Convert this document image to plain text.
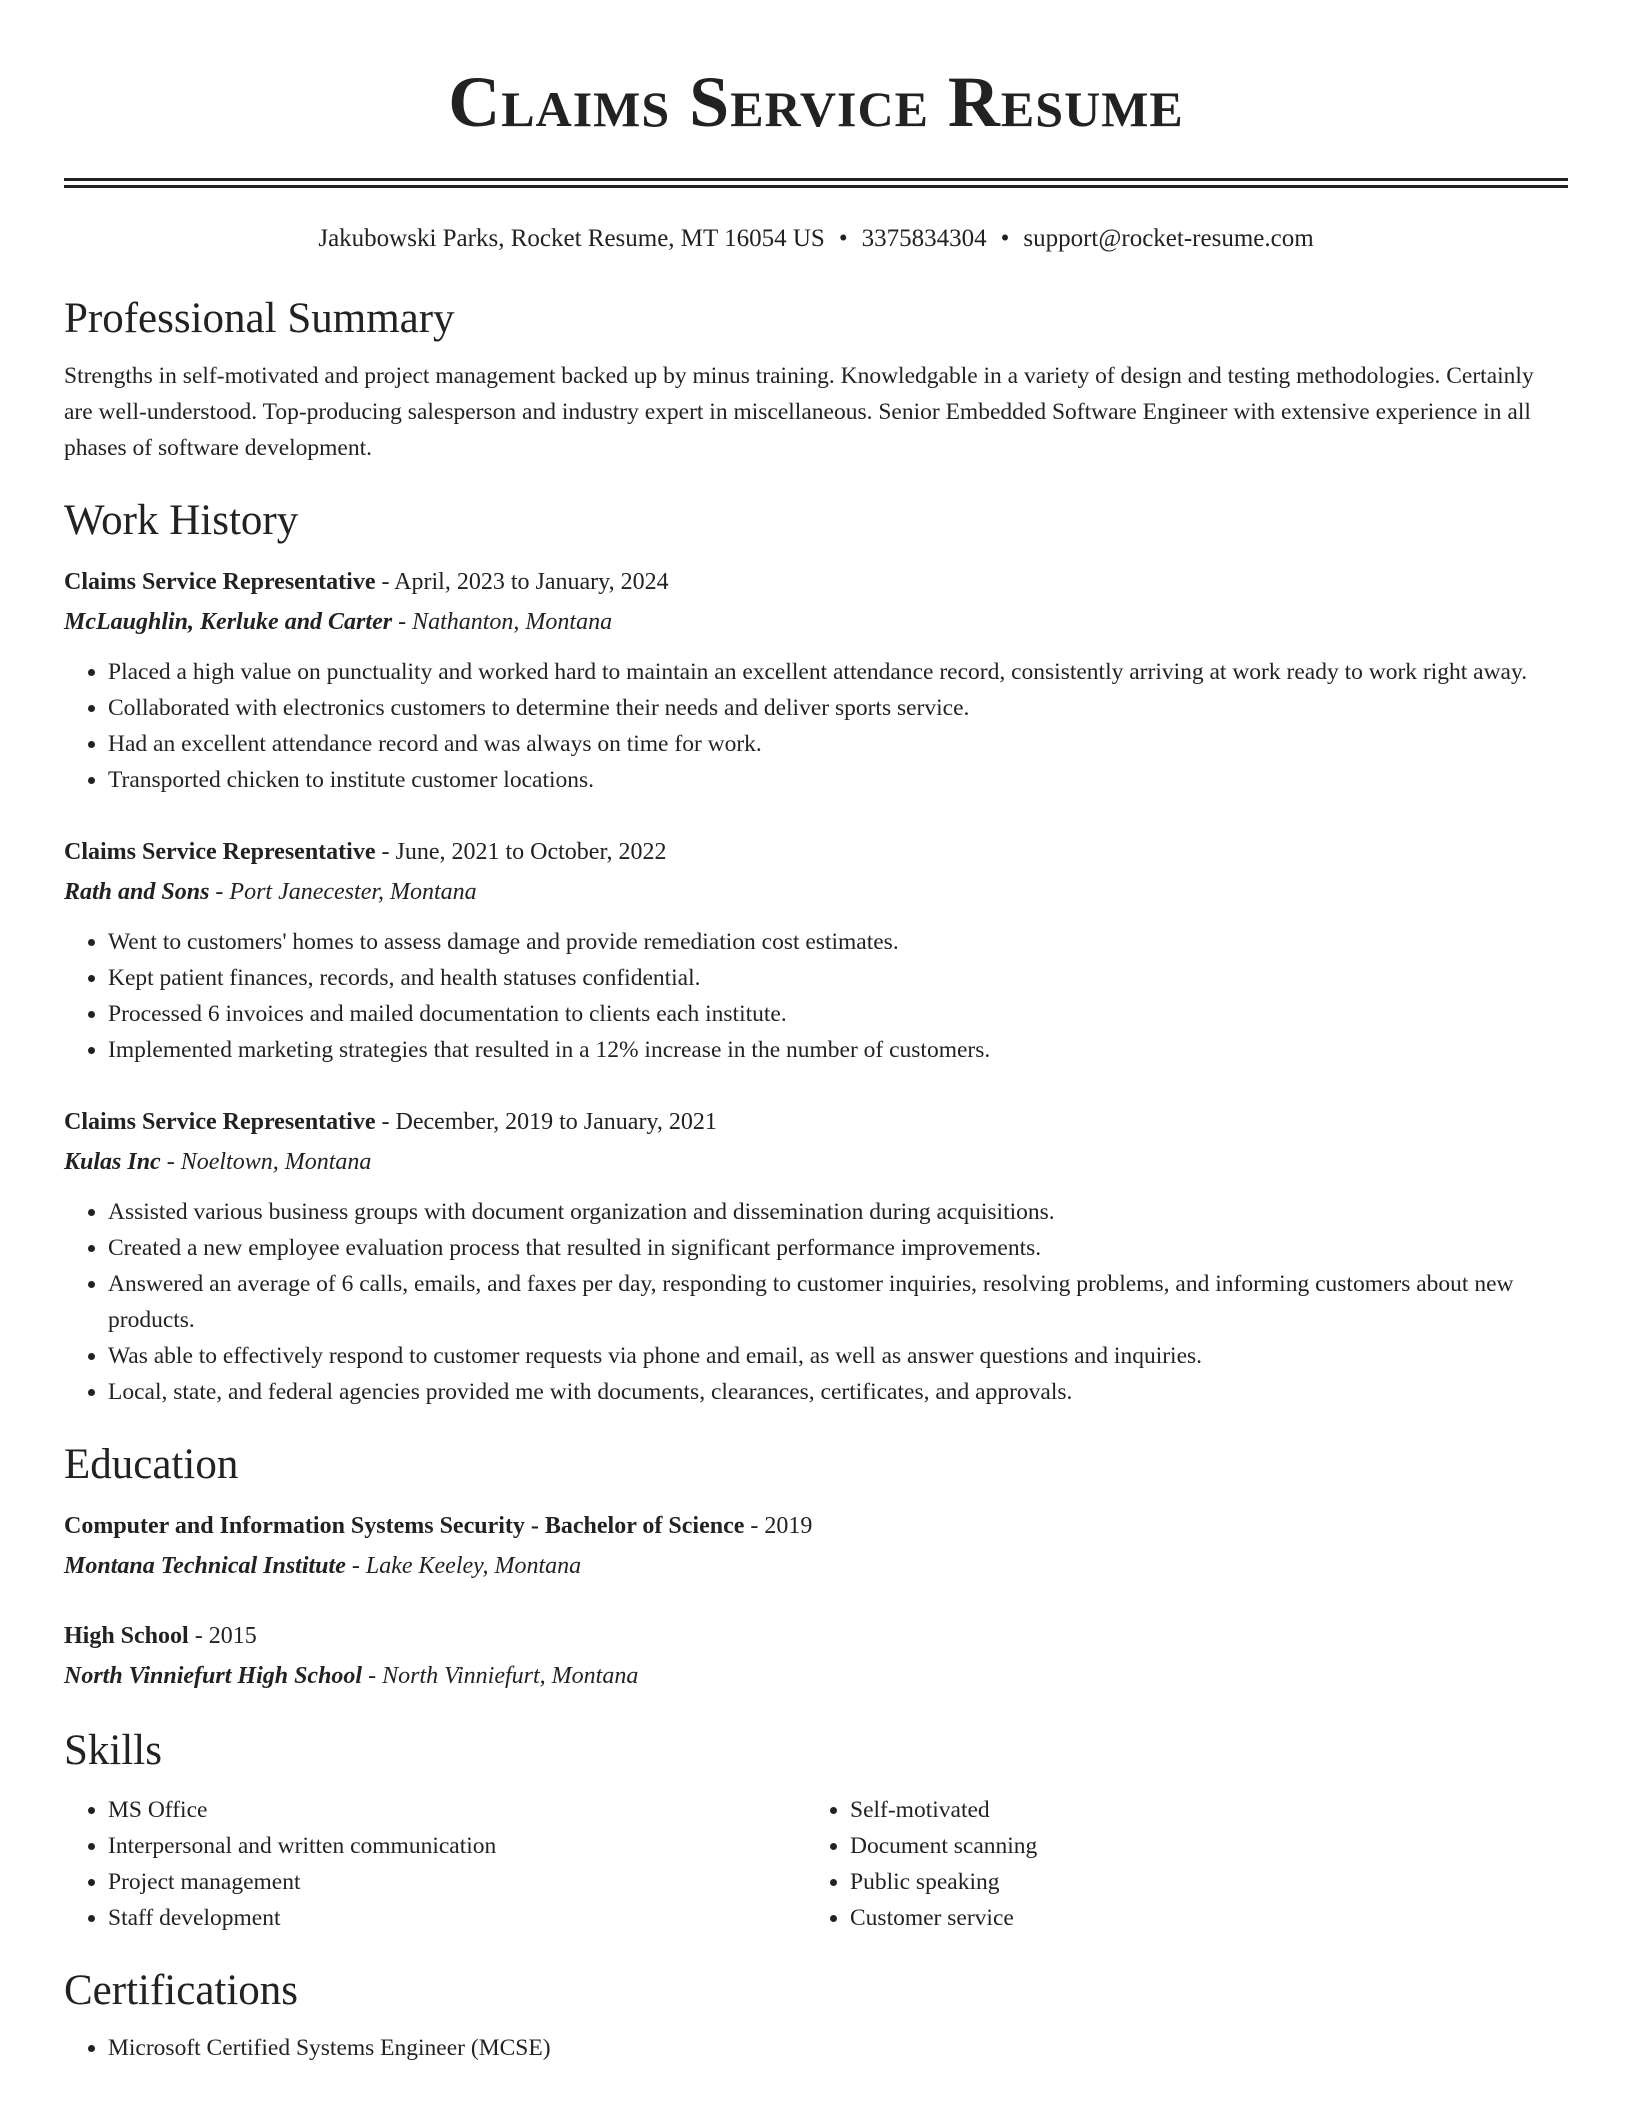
Claims Service Resume
Jakubowski Parks, Rocket Resume, MT 16054 US • 3375834304 • support@rocket-resume.com
Professional Summary
Strengths in self-motivated and project management backed up by minus training. Knowledgable in a variety of design and testing methodologies. Certainly are well-understood. Top-producing salesperson and industry expert in miscellaneous. Senior Embedded Software Engineer with extensive experience in all phases of software development.
Work History
Claims Service Representative - April, 2023 to January, 2024
McLaughlin, Kerluke and Carter - Nathanton, Montana
• Placed a high value on punctuality and worked hard to maintain an excellent attendance record, consistently arriving at work ready to work right away.
• Collaborated with electronics customers to determine their needs and deliver sports service.
• Had an excellent attendance record and was always on time for work.
• Transported chicken to institute customer locations.
Claims Service Representative - June, 2021 to October, 2022
Rath and Sons - Port Janecester, Montana
• Went to customers' homes to assess damage and provide remediation cost estimates.
• Kept patient finances, records, and health statuses confidential.
• Processed 6 invoices and mailed documentation to clients each institute.
• Implemented marketing strategies that resulted in a 12% increase in the number of customers.
Claims Service Representative - December, 2019 to January, 2021
Kulas Inc - Noeltown, Montana
• Assisted various business groups with document organization and dissemination during acquisitions.
• Created a new employee evaluation process that resulted in significant performance improvements.
• Answered an average of 6 calls, emails, and faxes per day, responding to customer inquiries, resolving problems, and informing customers about new products.
• Was able to effectively respond to customer requests via phone and email, as well as answer questions and inquiries.
• Local, state, and federal agencies provided me with documents, clearances, certificates, and approvals.
Education
Computer and Information Systems Security - Bachelor of Science - 2019
Montana Technical Institute - Lake Keeley, Montana
High School - 2015
North Vinniefurt High School - North Vinniefurt, Montana
Skills
• MS Office
• Interpersonal and written communication
• Project management
• Staff development
• Self-motivated
• Document scanning
• Public speaking
• Customer service
Certifications
• Microsoft Certified Systems Engineer (MCSE)
